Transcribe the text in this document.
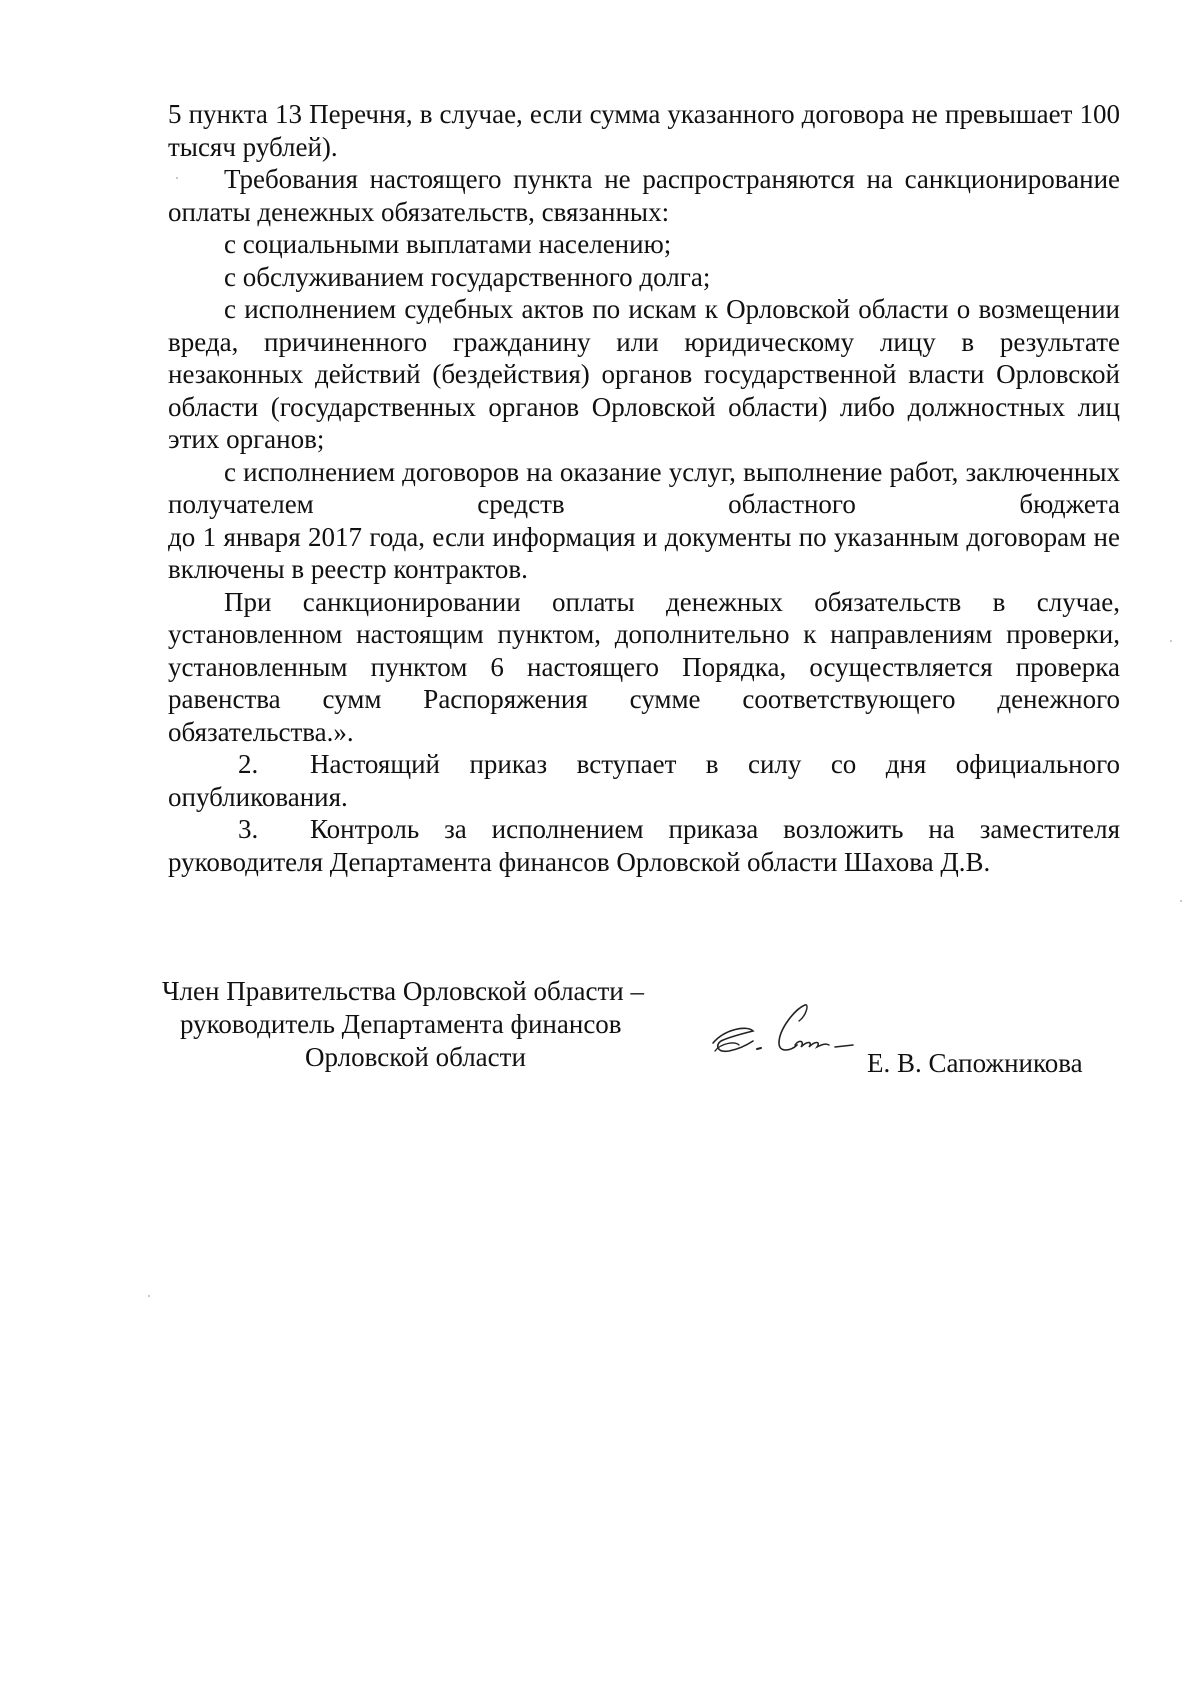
5 пункта 13 Перечня, в случае, если сумма указанного договора не превышает 100 тысяч рублей).

Требования настоящего пункта не распространяются на санкционирование оплаты денежных обязательств, связанных:

с социальными выплатами населению;

с обслуживанием государственного долга;

с исполнением судебных актов по искам к Орловской области о возмещении вреда, причиненного гражданину или юридическому лицу в результате незаконных действий (бездействия) органов государственной власти Орловской области (государственных органов Орловской области) либо должностных лиц этих органов;

с исполнением договоров на оказание услуг, выполнение работ, заключенных получателем средств областного бюджета

до 1 января 2017 года, если информация и документы по указанным договорам не включены в реестр контрактов.

При санкционировании оплаты денежных обязательств в случае, установленном настоящим пунктом, дополнительно к направлениям проверки, установленным пунктом 6 настоящего Порядка, осуществляется проверка равенства сумм Распоряжения сумме соответствующего денежного обязательства.».

2. Настоящий приказ вступает в силу со дня официального опубликования.

3. Контроль за исполнением приказа возложить на заместителя руководителя Департамента финансов Орловской области Шахова Д.В.

Член Правительства Орловской области –
руководитель Департамента финансов
Орловской области	Е. В. Сапожникова
